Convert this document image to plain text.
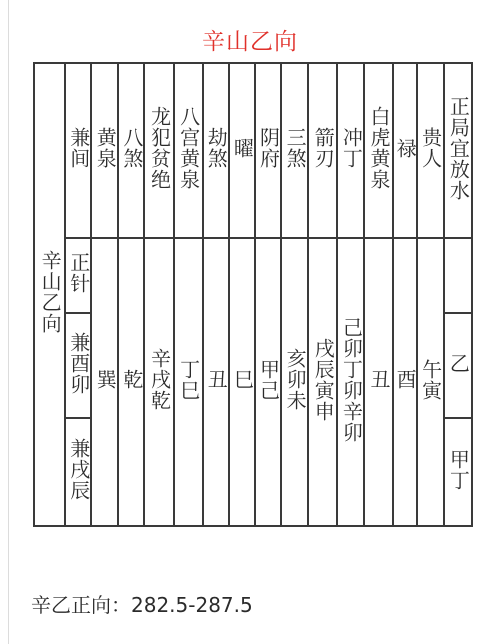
辛山乙向
辛山乙向	兼间	黄泉	八煞	龙犯贫绝	八宫黄泉	劫煞	曜	阴府	三煞	箭刃	冲丁	白虎黄泉	禄	贵人	正局宜放水
	正针	巽	乾	辛戌乾	丁巳	丑	巳	甲己	亥卯未	戌辰寅申	己卯丁卯辛卯	丑	酉	午寅	
	兼酉卯														乙
	兼戌辰														甲丁
辛乙正向：282.5-287.5
